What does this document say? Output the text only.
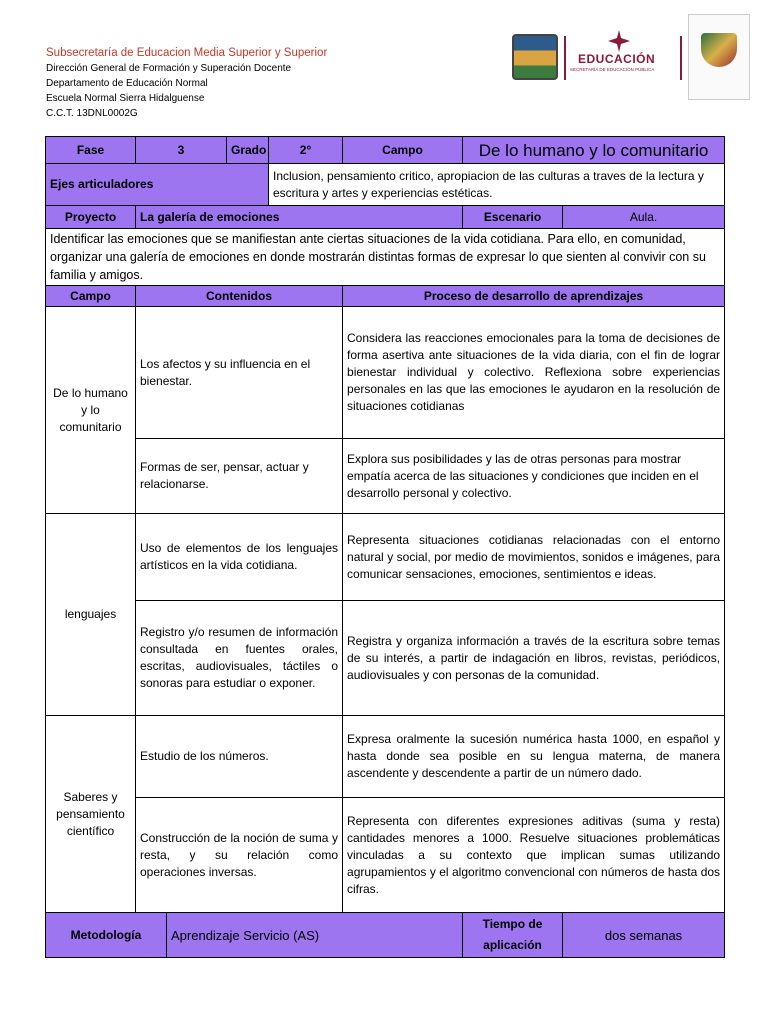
Subsecretaría de Educacion Media Superior y Superior
Dirección General de Formación y Superación Docente
Departamento de Educación Normal
Escuela Normal Sierra Hidalguense
C.C.T. 13DNL0002G
EDUCACIÓN
SECRETARÍA DE EDUCACIÓN PÚBLICA
Fase	3		Grado	2°	Campo	De lo humano y lo comunitario	
Ejes articuladores				Inclusion, pensamiento critico, apropiacion de las culturas a traves de la lectura y escritura y artes y experiencias estéticas.			
Proyecto	La galería de emociones					Escenario	Aula.
Identificar las emociones que se manifiestan ante ciertas situaciones de la vida cotidiana. Para ello, en comunidad, organizar una galería de emociones en donde mostrarán distintas formas de expresar lo que sienten al convivir con su familia y amigos.							
Campo	Contenidos				Proceso de desarrollo de aprendizajes		
De lo humano y lo comunitario	Los afectos y su influencia en el bienestar.				Considera las reacciones emocionales para la toma de decisiones de forma asertiva ante situaciones de la vida diaria, con el fin de lograr bienestar individual y colectivo. Reflexiona sobre experiencias personales en las que las emociones le ayudaron en la resolución de situaciones cotidianas		
	Formas de ser, pensar, actuar y relacionarse.				Explora sus posibilidades y las de otras personas para mostrar empatía acerca de las situaciones y condiciones que inciden en el desarrollo personal y colectivo.		
lenguajes	Uso de elementos de los lenguajes artísticos en la vida cotidiana.				Representa situaciones cotidianas relacionadas con el entorno natural y social, por medio de movimientos, sonidos e imágenes, para comunicar sensaciones, emociones, sentimientos e ideas.		
	Registro y/o resumen de información consultada en fuentes orales, escritas, audiovisuales, táctiles o sonoras para estudiar o exponer.				Registra y organiza información a través de la escritura sobre temas de su interés, a partir de indagación en libros, revistas, periódicos, audiovisuales y con personas de la comunidad.		
Saberes y pensamiento científico	Estudio de los números.				Expresa oralmente la sucesión numérica hasta 1000, en español y hasta donde sea posible en su lengua materna, de manera ascendente y descendente a partir de un número dado.		
	Construcción de la noción de suma y resta, y su relación como operaciones inversas.				Representa con diferentes expresiones aditivas (suma y resta) cantidades menores a 1000. Resuelve situaciones problemáticas vinculadas a su contexto que implican sumas utilizando agrupamientos y el algoritmo convencional con números de hasta dos cifras.		
Metodología		Aprendizaje Servicio (AS)				Tiempo de aplicación	dos semanas
